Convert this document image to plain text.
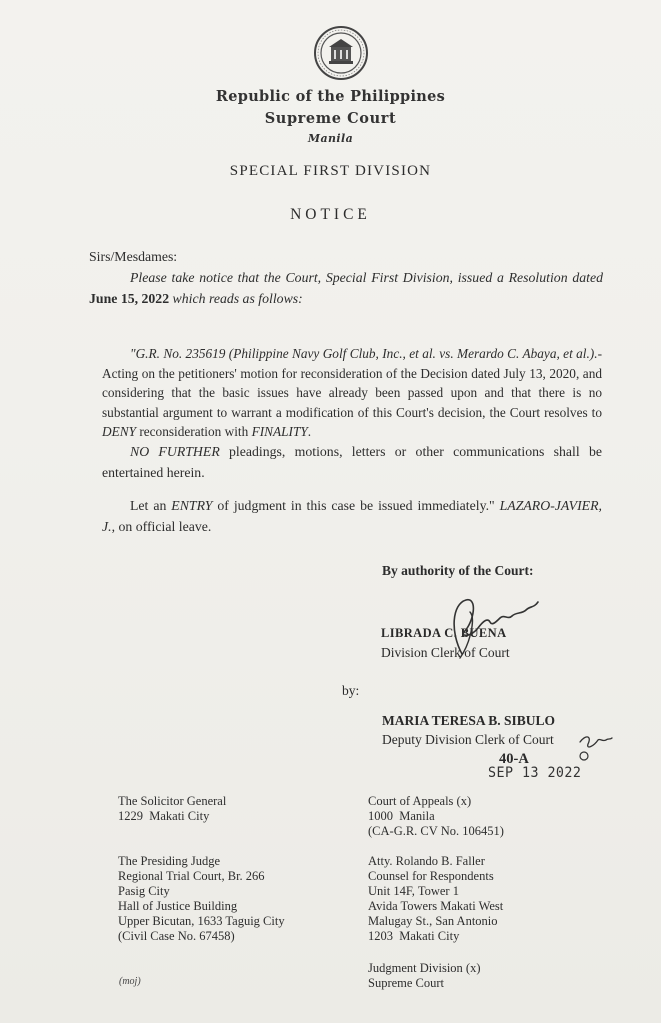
Republic of the Philippines
Supreme Court
Manila
SPECIAL FIRST DIVISION
NOTICE
Sirs/Mesdames:
Please take notice that the Court, Special First Division, issued a Resolution dated June 15, 2022 which reads as follows:
"G.R. No. 235619 (Philippine Navy Golf Club, Inc., et al. vs. Merardo C. Abaya, et al.).- Acting on the petitioners' motion for reconsideration of the Decision dated July 13, 2020, and considering that the basic issues have already been passed upon and that there is no substantial argument to warrant a modification of this Court's decision, the Court resolves to DENY reconsideration with FINALITY.
NO FURTHER pleadings, motions, letters or other communications shall be entertained herein.
Let an ENTRY of judgment in this case be issued immediately." LAZARO-JAVIER, J., on official leave.
By authority of the Court:
LIBRADA C. BUENA
Division Clerk of Court
by:
MARIA TERESA B. SIBULO
Deputy Division Clerk of Court
40-A
SEP 13 2022

The Solicitor General
1229  Makati City

Court of Appeals (x)
1000  Manila
(CA-G.R. CV No. 106451)

The Presiding Judge
Regional Trial Court, Br. 266
Pasig City
Hall of Justice Building
Upper Bicutan, 1633 Taguig City
(Civil Case No. 67458)

Atty. Rolando B. Faller
Counsel for Respondents
Unit 14F, Tower 1
Avida Towers Makati West
Malugay St., San Antonio
1203  Makati City

Judgment Division (x)
Supreme Court

(moj)
